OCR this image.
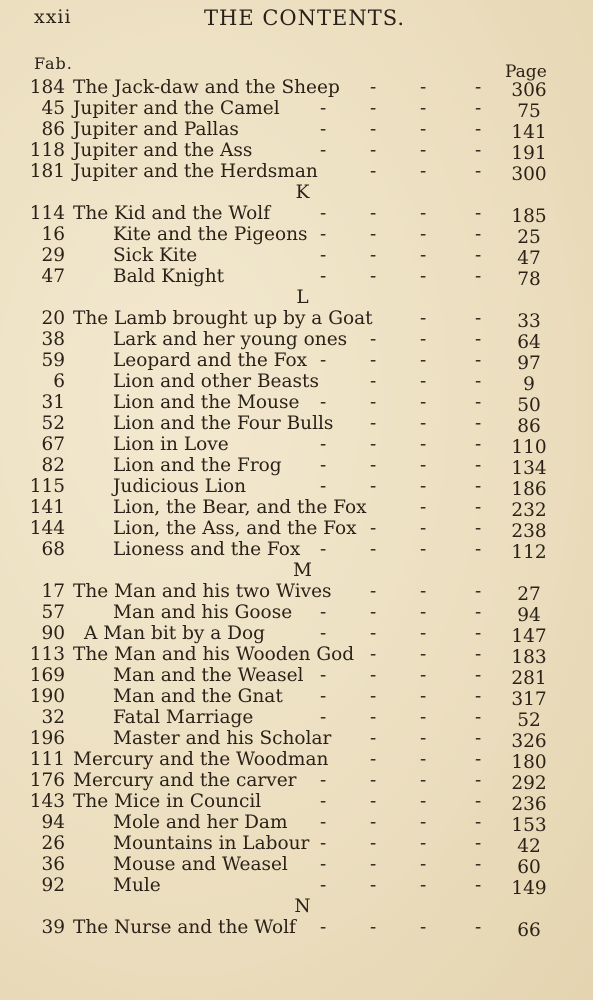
xxii	THE CONTENTS.
Fab.	Page
184 The Jack-daw and the Sheep - -	-	306
45 Jupiter and the Camel - - -	-	75
86 Jupiter and Pallas	- - -	-	141
118 Jupiter and the Ass	- - -	-	191
181 Jupiter and the Herdsman	- -	-	300
K
114 The Kid and the Wolf	- - -	-	185
16	Kite and the Pigeons - - -	-	25
29	Sick Kite	- - -	-	47
47	Bald Knight	- - -	-	78
L
20 The Lamb brought up by a Goat	-	-	33
38	Lark and her young ones - -	-	64
59	Leopard and the Fox - - -	-	97
6	Lion and other Beasts	- -	-	9
31	Lion and the Mouse - - -	-	50
52	Lion and the Four Bulls - -	-	86
67	Lion in Love	- - -	-	110
82	Lion and the Frog - - -	-	134
115	Judicious Lion	- - -	-	186
141	Lion, the Bear, and the Fox	-	-	232
144	Lion, the Ass, and the Fox - -	-	238
68	Lioness and the Fox - - -	-	112
M
17 The Man and his two Wives - -	-	27
57	Man and his Goose - - -	-	94
90 A Man bit by a Dog	- - -	-	147
113 The Man and his Wooden God - -	-	183
169	Man and the Weasel - - -	-	281
190	Man and the Gnat - - -	-	317
32	Fatal Marriage	- - -	-	52
196	Master and his Scholar - -	-	326
111 Mercury and the Woodman - -	-	180
176 Mercury and the carver - - -	-	292
143 The Mice in Council	- - -	-	236
94	Mole and her Dam - - -	-	153
26	Mountains in Labour - - -	-	42
36	Mouse and Weasel - - -	-	60
92	Mule	- - -	-	149
N
39 The Nurse and the Wolf - - -	-	66
